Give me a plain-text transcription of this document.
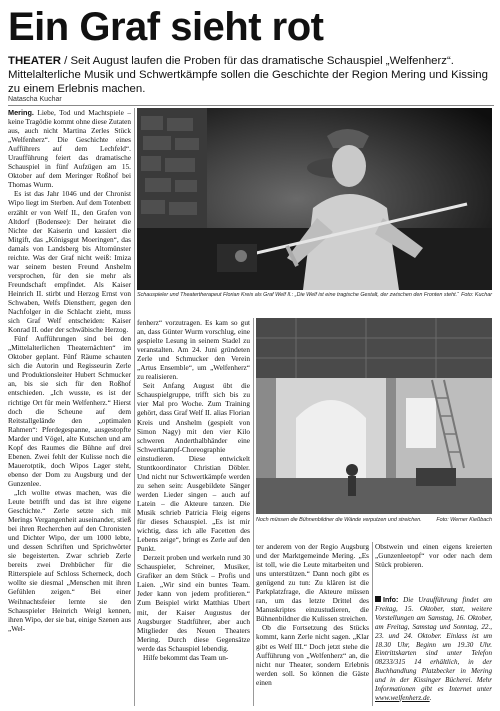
Ein Graf sieht rot
THEATER / Seit August laufen die Proben für das dramatische Schauspiel „Welfenherz“. Mittelalterliche Musik und Schwertkämpfe sollen die Geschichte der Region Mering und Kissing zu einem Erlebnis machen.
Natascha Kuchar

Mering. Liebe, Tod und Machtspiele – keine Tragödie kommt ohne diese Zutaten aus, auch nicht Martina Zerles Stück „Welfenherz“. Die Geschichte eines Aufführers auf dem Lechfeld“. Uraufführung feiert das dramatische Schauspiel in fünf Aufzügen am 15. Oktober auf dem Meringer Roßhof bei Thomas Wurm.

Es ist das Jahr 1046 und der Chronist Wipo liegt im Sterben. Auf dem Totenbett erzählt er von Welf II., den Grafen von Altdorf (Bodensee): Der heiratet die Nichte der Kaiserin und kassiert die Mitgift, das „Königsgut Moeringen“, das damals von Landsberg bis Altomünster reichte. Was der Graf nicht weiß: Imiza war seinem besten Freund Anshelm versprochen, für den sie mehr als Freundschaft empfindet. Als Kaiser Heinrich II. stirbt und Herzog Ernst von Schwaben, Welfs Dienstherr, gegen den Nachfolger in die Schlacht zieht, muss sich Graf Welf entscheiden: Kaiser Konrad II. oder der schwäbische Herzog.

Fünf Aufführungen sind bei den „Mittelalterlichen Theaternächten“ im Oktober geplant. Fünf Räume schauten sich die Autorin und Regisseurin Zerle und Produktionsleiter Hubert Schmucker an, bis sie sich für den Roßhof entschieden. „Ich wusste, es ist der richtige Ort für mein Welfenherz.“ Hierst doch die Scheune auf dem Reitstallgelände den „optimalen Rahmen“: Pferdegespanne, ausgestopfte Marder und Vögel, alte Kutschen und am Kopf des Raumes die Bühne auf drei Ebenen. Zwei fehlt der Kulisse noch die Mauerotptik, doch Wipos Lager steht, ebenso der Dom zu Augsburg und der Gunzenlee.

„Ich wollte etwas machen, was die Leute betrifft und das ist ihre eigene Geschichte.“ Zerle setzte sich mit Merings Vergangenheit auseinander, stieß bei ihren Recherchen auf den Chronisten und Dichter Wipo, der um 1000 lebte, und dessen Schriften und Sprichwörter sie begeisterten. Zwar schrieb Zerle bereits zwei Drehbücher für die Ritterspiele auf Schloss Scherneck, doch wollte sie diesmal „Menschen mit ihren Gefühlen zeigen.“ Bei einer Weihnachtsfeier lernte sie den Schauspieler Heinrich Weigl kennen, ihren Wipo, der sie bat, einige Szenen aus „Wel-

Schauspieler und Theatertherapeut Florian Kreis als Graf Welf II.: „Die Welf ist eine tragische Gestalt, der zwischen den Fronten steht.“ Foto: Kuchar

fenherz“ vorzutragen. Es kam so gut an, dass Günter Wurm vorschlug, eine gespielte Lesung in seinem Stadel zu veranstalten. Am 24. Juni gründeten Zerle und Schmucker den Verein „Artus Ensemble“, um „Welfenherz“ zu realisieren.

Seit Anfang August übt die Schauspielgruppe, trifft sich bis zu vier Mal pro Woche. Zum Training gehört, dass Graf Welf II. alias Florian Kreis und Anshelm (gespielt von Simon Nagy) mit den vier Kilo schweren Anderthalbhänder eine Schwertkampf-Choreographie einstudieren. Diese entwickelt Stuntkoordinator Christian Döbler. Und nicht nur Schwertkämpfe werden zu sehen sein: Ausgebildete Sänger werden Lieder singen – auch auf Latein – die Akteure tanzen. Die Musik schrieb Patricia Fleig eigens für dieses Schauspiel. „Es ist mir wichtig, dass ich alle Facetten des Lebens zeige“, bringt es Zerle auf den Punkt.

Derzeit proben und werkeln rund 30 Schauspieler, Schreiner, Musiker, Grafiker an dem Stück – Profis und Laien. „Wir sind ein buntes Team. Jeder kann von jedem profitieren.“ Zum Beispiel wirkt Matthias Ubert mit, der Kaiser Augustus der Augsburger Stadtführer, aber auch Mitglieder des Neuen Theaters Mering. Durch diese Gegensätze werde das Schauspiel lebendig.

Hilfe bekommt das Team un-

Noch müssen die Bühnenbildner die Wände verputzen und streichen.	Foto: Werner Kießbach

ter anderem von der Regio Augsburg und der Marktgemeinde Mering. „Es ist toll, wie die Leute mitarbeiten und uns unterstützen.“ Dann noch gibt es genügend zu tun: Zu klären ist die Parkplatzfrage, die Akteure müssen ran, um das letzte Drittel des Manuskriptes einzustudieren, die Bühnenbildner die Kulissen streichen.

Ob die Fortsetzung des Stücks kommt, kann Zerle nicht sagen. „Klar gibt es Welf III.“ Doch jetzt stehe die Aufführung von „Welfenherz“ an, die nicht nur Theater, sondern Erlebnis werden soll. So können die Gäste einen

Obstwein und einen eigens kreierten „Gunzenleetopf“ vor oder nach dem Stück probieren.

Info: Die Uraufführung findet am Freitag, 15. Oktober, statt, weitere Vorstellungen am Samstag, 16. Oktober, am Freitag, Samstag und Sonntag, 22., 23. und 24. Oktober. Einlass ist um 18.30 Uhr, Beginn um 19.30 Uhr. Eintrittskarten sind unter Telefon 08233/315 14 erhältlich, in der Buchhandlung Platzbecker in Mering und in der Kissinger Bücherei. Mehr Informationen gibt es Internet unter www.welfenherz.de.
